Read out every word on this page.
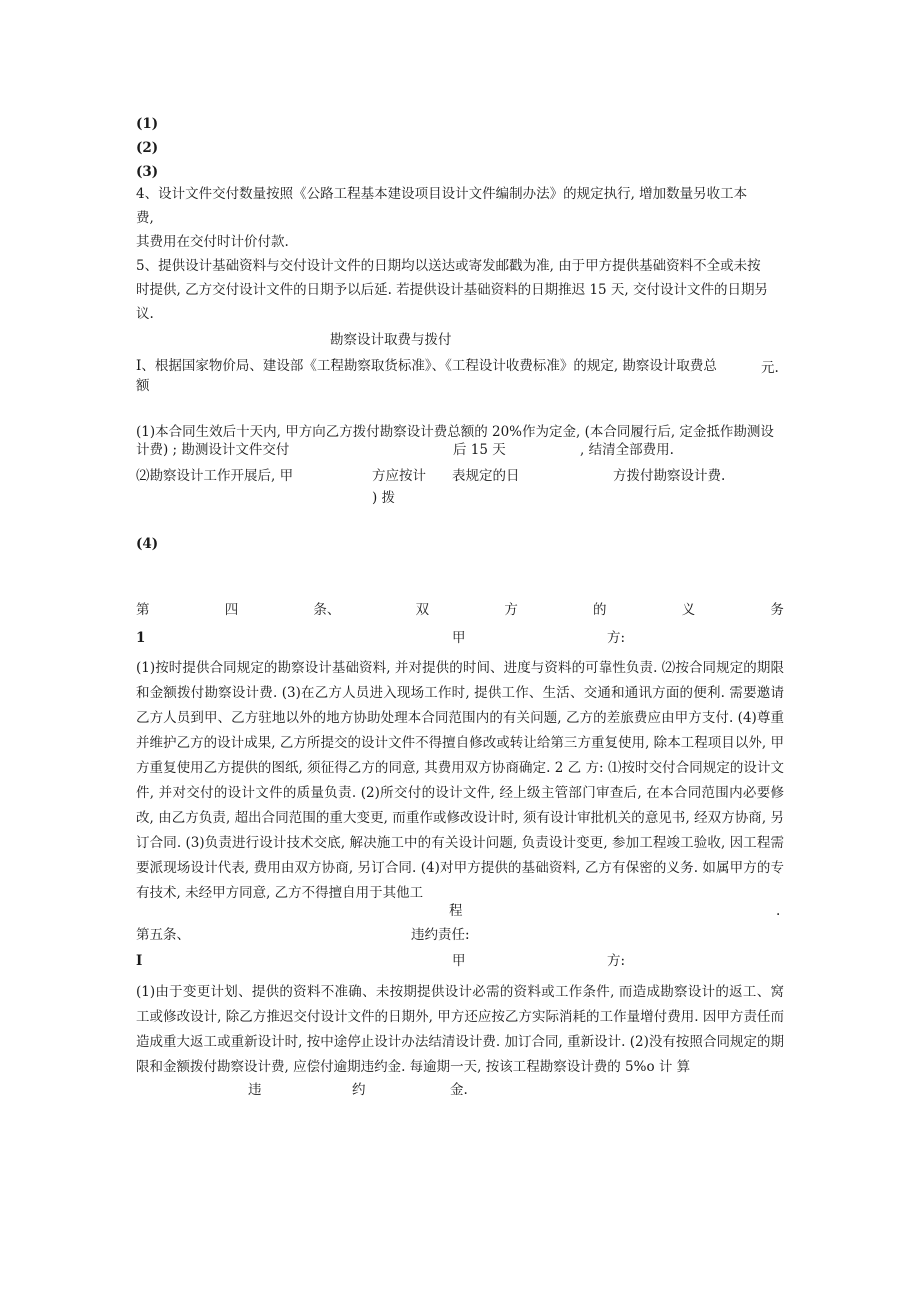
(1)
(2)
(3)
4、设计文件交付数量按照《公路工程基本建设项目设计文件编制办法》的规定执行, 增加数量另收工本
费,
其费用在交付时计价付款.
5、提供设计基础资料与交付设计文件的日期均以送达或寄发邮戳为准, 由于甲方提供基础资料不全或未按
时提供, 乙方交付设计文件的日期予以后延. 若提供设计基础资料的日期推迟 15 天, 交付设计文件的日期另
议.
勘察设计取费与拨付
I、根据国家物价局、建设部《工程勘察取货标准》、《工程设计收费标准》的规定, 勘察设计取费总	元.
额
(1)本合同生效后十天内, 甲方向乙方拨付勘察设计费总额的 20%作为定金, (本合同履行后, 定金抵作勘测设
计费) ; 勘测设计文件交付	后 15 天	, 结清全部费用.
⑵勘察设计工作开展后, 甲	方应按计 表规定的日	方拨付勘察设计费.
) 拨
(4)
第	四	条、	双	方	的	义	务
1	甲	方:
(1)按时提供合同规定的勘察设计基础资料, 并对提供的时间、进度与资料的可靠性负责. ⑵按合同规定的期限和金额拨付勘察设计费. (3)在乙方人员进入现场工作时, 提供工作、生活、交通和通讯方面的便利. 需要邀请乙方人员到甲、乙方驻地以外的地方协助处理本合同范围内的有关问题, 乙方的差旅费应由甲方支付. (4)尊重并维护乙方的设计成果, 乙方所提交的设计文件不得擅自修改或转让给第三方重复使用, 除本工程项目以外, 甲方重复使用乙方提供的图纸, 须征得乙方的同意, 其费用双方协商确定. 2 乙 方: ⑴按时交付合同规定的设计文件, 并对交付的设计文件的质量负责. (2)所交付的设计文件, 经上级主管部门审查后, 在本合同范围内必要修改, 由乙方负责, 超出合同范围的重大变更, 而重作或修改设计时, 须有设计审批机关的意见书, 经双方协商, 另订合同. (3)负责进行设计技术交底, 解决施工中的有关设计问题, 负责设计变更, 参加工程竣工验收, 因工程需要派现场设计代表, 费用由双方协商, 另订合同. (4)对甲方提供的基础资料, 乙方有保密的义务. 如属甲方的专有技术, 未经甲方同意, 乙方不得擅自用于其他工
程	.
第五条、	违约责任:
I	甲	方:
(1)由于变更计划、提供的资料不准确、未按期提供设计必需的资料或工作条件, 而造成勘察设计的返工、窝工或修改设计, 除乙方推迟交付设计文件的日期外, 甲方还应按乙方实际消耗的工作量增付费用. 因甲方责任而造成重大返工或重新设计时, 按中途停止设计办法结清设计费. 加订合同, 重新设计. (2)没有按照合同规定的期限和金额拨付勘察设计费, 应偿付逾期违约金. 每逾期一天, 按该工程勘察设计费的 5%o 计 算
违	约	金.
